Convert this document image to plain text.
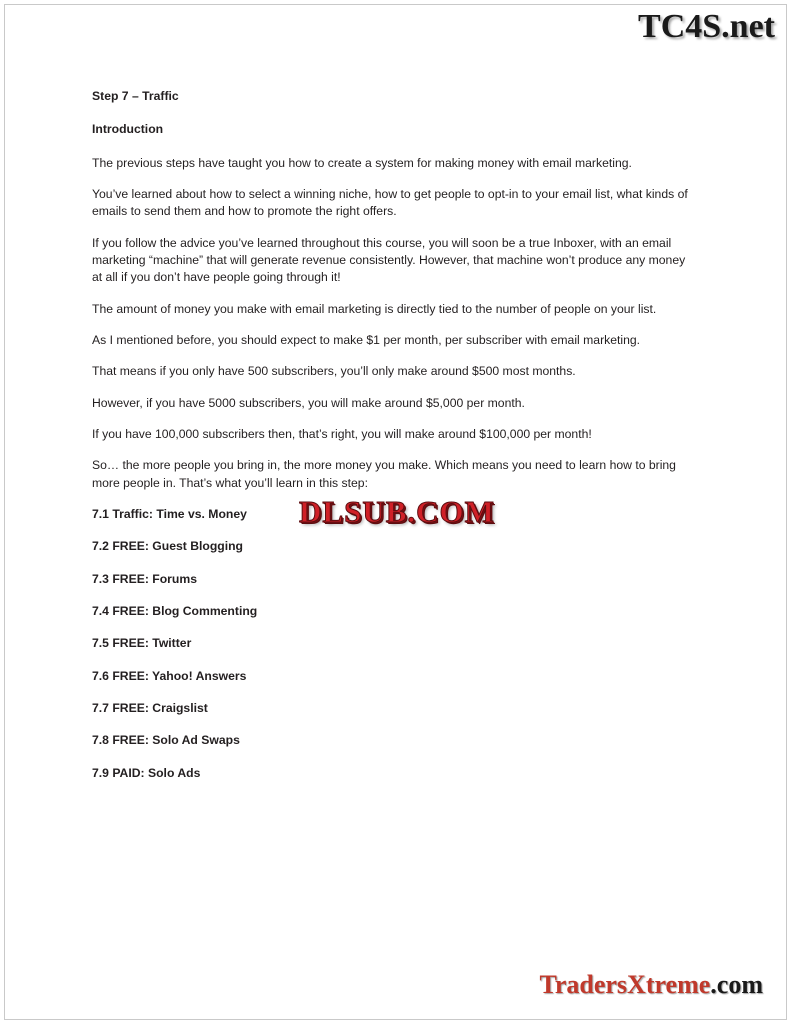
TC4S.net

Step 7 – Traffic

Introduction

The previous steps have taught you how to create a system for making money with email marketing.

You’ve learned about how to select a winning niche, how to get people to opt-in to your email list, what kinds of emails to send them and how to promote the right offers.

If you follow the advice you’ve learned throughout this course, you will soon be a true Inboxer, with an email marketing “machine” that will generate revenue consistently. However, that machine won’t produce any money at all if you don’t have people going through it!

The amount of money you make with email marketing is directly tied to the number of people on your list.

As I mentioned before, you should expect to make $1 per month, per subscriber with email marketing.

That means if you only have 500 subscribers, you’ll only make around $500 most months.

However, if you have 5000 subscribers, you will make around $5,000 per month.

If you have 100,000 subscribers then, that’s right, you will make around $100,000 per month!

So… the more people you bring in, the more money you make. Which means you need to learn how to bring more people in. That’s what you’ll learn in this step:

7.1 Traffic: Time vs. Money
7.2 FREE: Guest Blogging
7.3 FREE: Forums
7.4 FREE: Blog Commenting
7.5 FREE: Twitter
7.6 FREE: Yahoo! Answers
7.7 FREE: Craigslist
7.8 FREE: Solo Ad Swaps
7.9 PAID: Solo Ads
DLSUB.COM
TradersXtreme.com
